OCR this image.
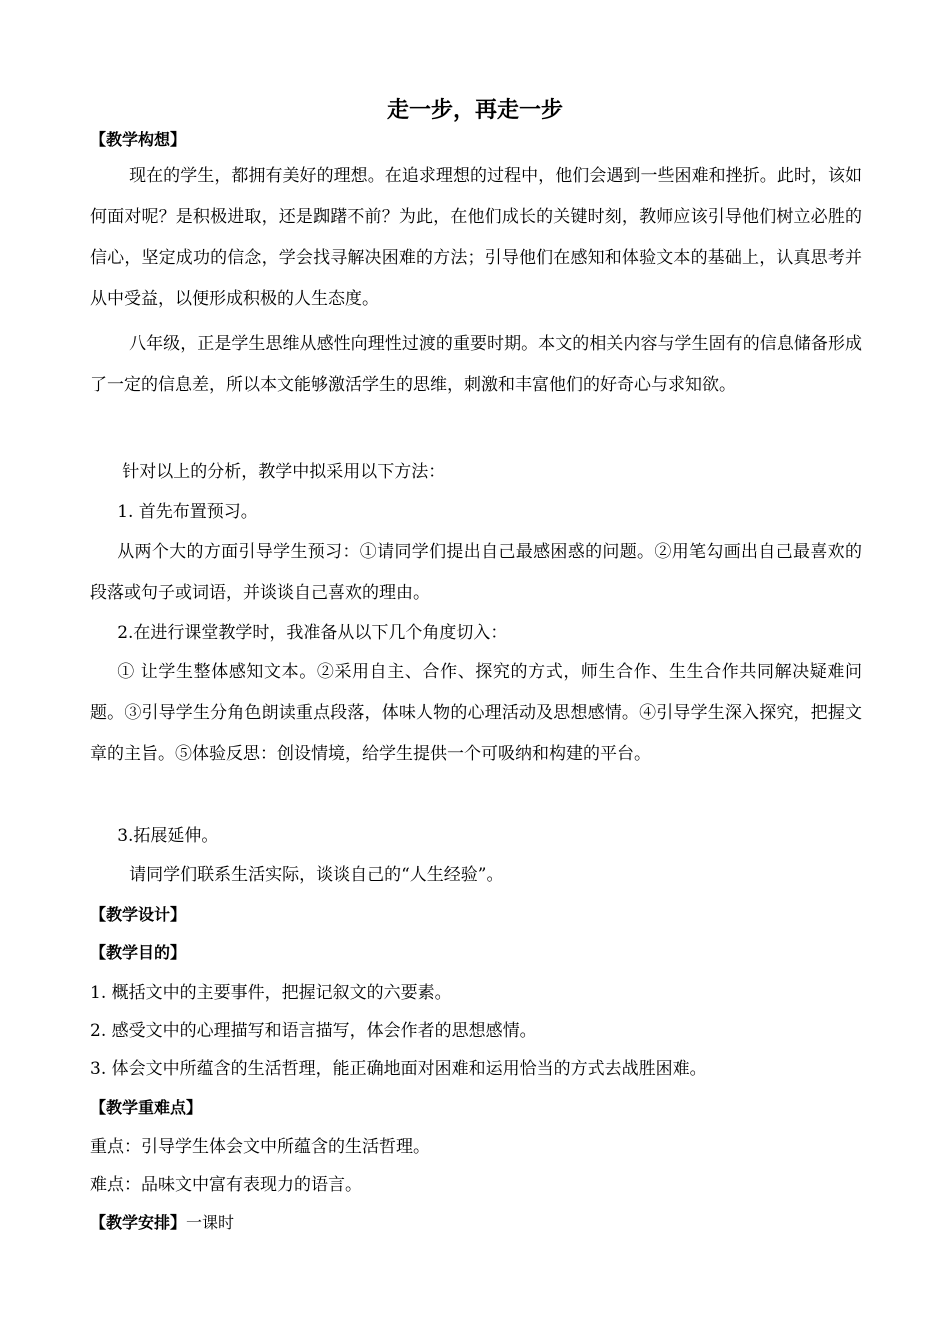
走一步，再走一步
【教学构想】

现在的学生，都拥有美好的理想。在追求理想的过程中，他们会遇到一些困难和挫折。此时，该如何面对呢？是积极进取，还是踟躇不前？为此，在他们成长的关键时刻，教师应该引导他们树立必胜的信心，坚定成功的信念，学会找寻解决困难的方法；引导他们在感知和体验文本的基础上，认真思考并从中受益，以便形成积极的人生态度。

八年级，正是学生思维从感性向理性过渡的重要时期。本文的相关内容与学生固有的信息储备形成了一定的信息差，所以本文能够激活学生的思维，刺激和丰富他们的好奇心与求知欲。

针对以上的分析，教学中拟采用以下方法：

1. 首先布置预习。

从两个大的方面引导学生预习：①请同学们提出自己最感困惑的问题。②用笔勾画出自己最喜欢的段落或句子或词语，并谈谈自己喜欢的理由。

2.在进行课堂教学时，我准备从以下几个角度切入：

① 让学生整体感知文本。②采用自主、合作、探究的方式，师生合作、生生合作共同解决疑难问题。③引导学生分角色朗读重点段落，体味人物的心理活动及思想感情。④引导学生深入探究，把握文章的主旨。⑤体验反思：创设情境，给学生提供一个可吸纳和构建的平台。

3.拓展延伸。

请同学们联系生活实际，谈谈自己的“人生经验”。

【教学设计】
【教学目的】

1. 概括文中的主要事件，把握记叙文的六要素。

2. 感受文中的心理描写和语言描写，体会作者的思想感情。

3. 体会文中所蕴含的生活哲理，能正确地面对困难和运用恰当的方式去战胜困难。

【教学重难点】

重点：引导学生体会文中所蕴含的生活哲理。

难点：品味文中富有表现力的语言。

【教学安排】一课时
